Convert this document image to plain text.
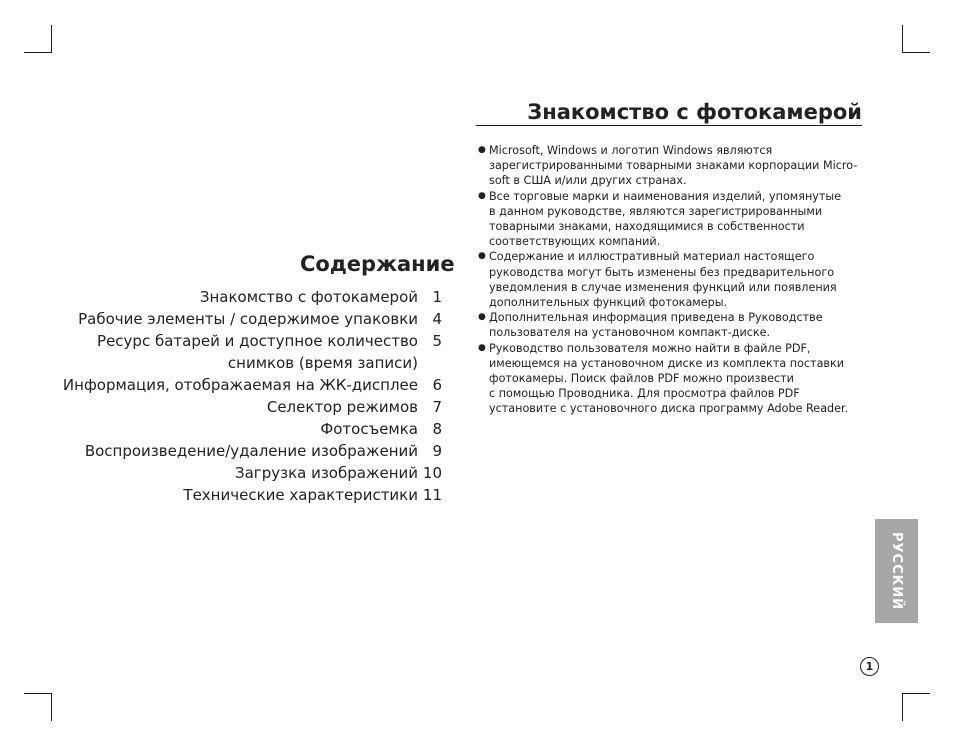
Содержание
Знакомство с фотокамерой 1
Рабочие элементы / содержимое упаковки 4
Ресурс батарей и доступное количество
снимков (время записи)
5
Информация, отображаемая на ЖК-дисплее 6
Селектор режимов 7
Фотосъемка 8
Воспроизведение/удаление изображений 9
Загрузка изображений 10
Технические характеристики 11
Знакомство с фотокамерой
● Microsoft, Windows и логотип Windows являются
зарегистрированными товарными знаками корпорации Micro-
soft в США и/или других странах.
● Все торговые марки и наименования изделий, упомянутые
в данном руководстве, являются зарегистрированными
товарными знаками, находящимися в собственности
соответствующих компаний.
● Содержание и иллюстративный материал настоящего
руководства могут быть изменены без предварительного
уведомления в случае изменения функций или появления
дополнительных функций фотокамеры.
● Дополнительная информация приведена в Руководстве
пользователя на установочном компакт-диске.
● Руководство пользователя можно найти в файле PDF,
имеющемся на установочном диске из комплекта поставки
фотокамеры. Поиск файлов PDF можно произвести
с помощью Проводника. Для просмотра файлов PDF
установите с установочного диска программу Adobe Reader.
РУССКИЙ
1
